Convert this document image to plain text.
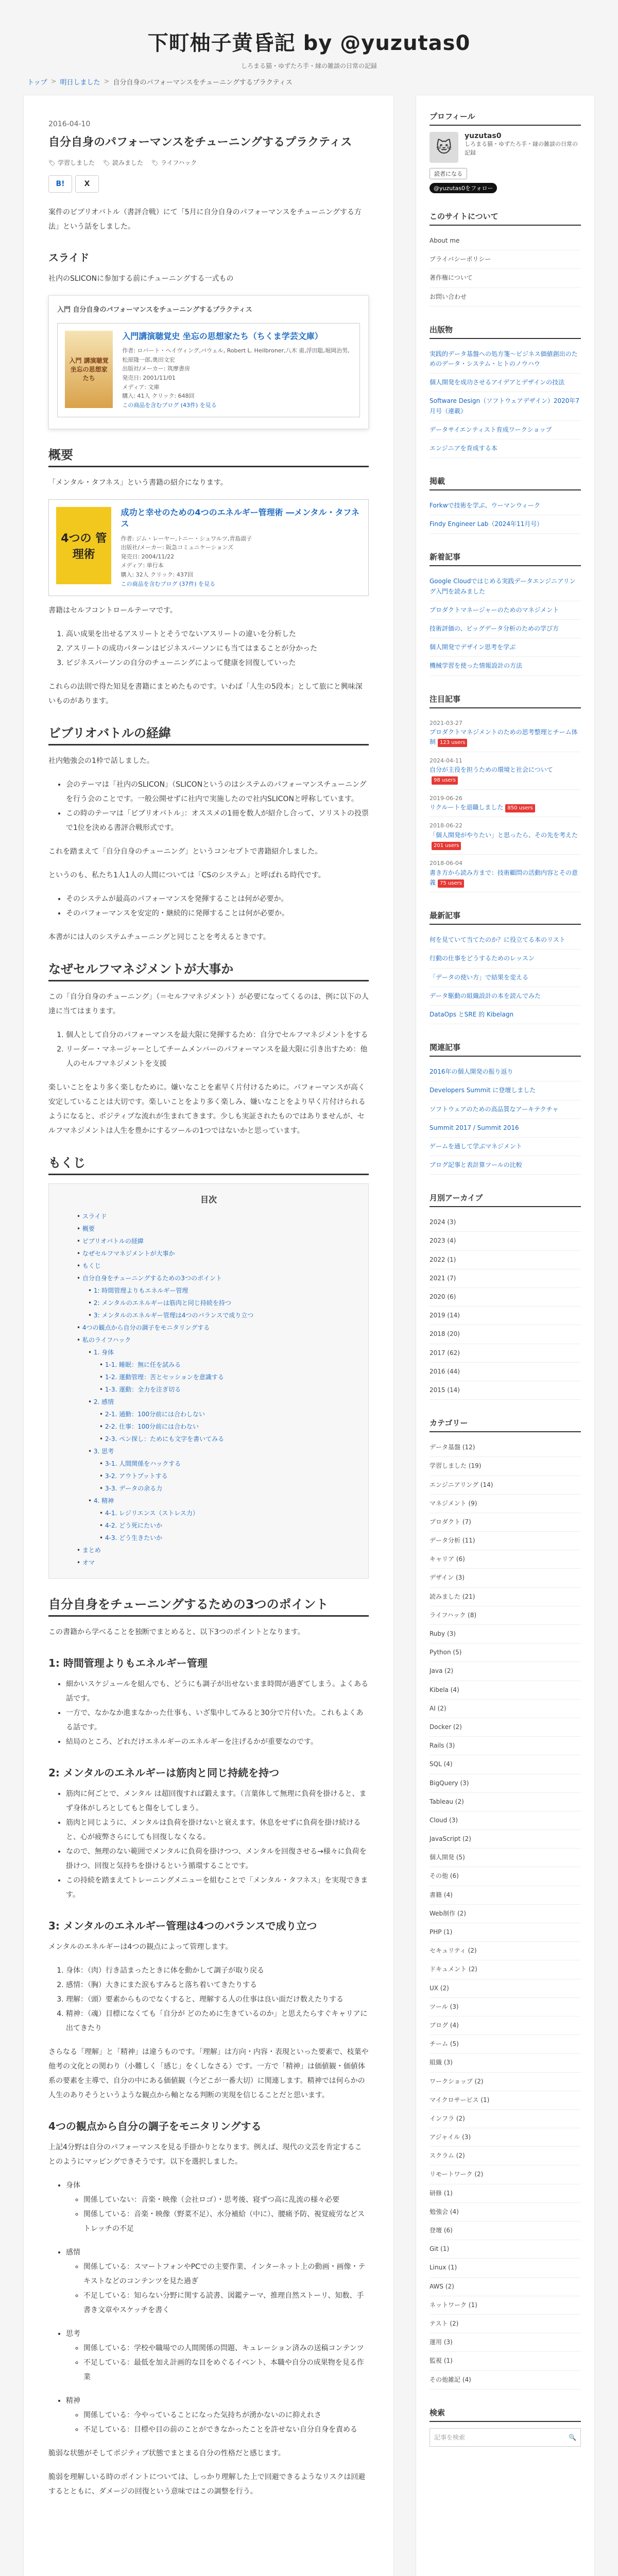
下町柚子黄昏記 by @yuzutas0
しろまる猫・ゆずたろ手・縁の雑談の日常の記録
トップ > 明日しました > 自分自身のパフォーマンスをチューニングするプラクティス
2016-04-10
自分自身のパフォーマンスをチューニングするプラクティス
🏷 学習しました	🏷 読みました	🏷 ライフハック
B!	X

案件のビブリオバトル（書評合戦）にて「5月に自分自身のパフォーマンスをチューニングする方法」という話をしました。

スライド

社内のSLICONに参加する前にチューニングする一式もの

入門 自分自身のパフォーマンスをチューニングするプラクティス
入門 講演聴覚 坐忘の思想家たち
入門講演聴覚史 坐忘の思想家たち（ちくま学芸文庫）
作者: ロバート・ヘイヴィング,パウェル, Robert L. Heilbroner,八木 甫,浮田聡,堀岡治男,松原隆一郎,奥田文宏
出版社/メーカー: 筑摩書房
発売日: 2001/11/01
メディア: 文庫
購入: 41人 クリック: 648回
この商品を含むブログ (43件) を見る
概要

「メンタル・タフネス」という書籍の紹介になります。

4つの 管理術
成功と幸せのための4つのエネルギー管理術 ―メンタル・タフネス
作者: ジム・レーヤー,トニー・シュワルツ,青島淑子
出版社/メーカー: 阪急コミュニケーションズ
発売日: 2004/11/22
メディア: 単行本
購入: 32人 クリック: 437回
この商品を含むブログ (37件) を見る

書籍はセルフコントロールテーマです。

1. 高い成果を出せるアスリートとそうでないアスリートの違いを分析した
2. アスリートの成功パターンはビジネスパーソンにも当てはまることが分かった
3. ビジネスパーソンの自分のチューニングによって健康を回復していった

これらの法則で得た知見を書籍にまとめたものです。いわば「人生の5段本」として旅にと興味深いものがあります。

ビブリオバトルの経緯

社内勉強会の1枠で話しました。

• 会のテーマは「社内のSLICON」（SLICONというのはシステムのパフォーマンスチューニングを行う会のことです。一般公開せずに社内で実施したので社内SLICONと呼称しています。
• この時のテーマは「ビブリオバトル」：オススメの1冊を数人が紹介し合って、ソリストの投票で1位を決める書評合戦形式です。

これを踏まえて「自分自身のチューニング」というコンセプトで書籍紹介しました。

というのも、私たち1人1人の人間については「CSのシステム」と呼ばれる時代です。

• そのシステムが最高のパフォーマンスを発揮することは何が必要か。
• そのパフォーマンスを安定的・継続的に発揮することは何が必要か。

本書がには人のシステムチューニングと同じことを考えるときです。

なぜセルフマネジメントが大事か

この「自分自身のチューニング」（＝セルフマネジメント）が必要になってくるのは、例に以下の人達に当てはまります。

1. 個人として自分のパフォーマンスを最大限に発揮するため：自分でセルフマネジメントをする
2. リーダー・マネージャーとしてチームメンバーのパフォーマンスを最大限に引き出すため：他人のセルフマネジメントを支援

楽しいことをより多く楽しむために。嫌いなことを素早く片付けるために。パフォーマンスが高く安定していることは大切です。楽しいことをより多く楽しみ、嫌いなことをより早く片付けられるようになると、ポジティブな流れが生まれてきます。少しも実証されたものではありませんが、セルフマネジメントは人生を豊かにするツールの1つではないかと思っています。

もくじ
目次
• スライド
• 概要
• ビブリオバトルの経緯
• なぜセルフマネジメントが大事か
• もくじ
• 自分自身をチューニングするための3つのポイント
• 1: 時間管理よりもエネルギー管理
• 2: メンタルのエネルギーは筋肉と同じ持続を持つ
• 3: メンタルのエネルギー管理は4つのバランスで成り立つ
• 4つの観点から自分の調子をモニタリングする
• 私のライフハック
• 1. 身体
• 1-1. 睡眠：無に任を試みる
• 1-2. 運動管理：苦とセッションを意識する
• 1-3. 運動：全力を注ぎ切る
• 2. 感情
• 2-1. 通勤：100分前には合わしない
• 2-2. 仕事：100分前には合わない
• 2-3. ペン探し：ためにも文字を書いてみる
• 3. 思考
• 3-1. 人間関係をハックする
• 3-2. アウトプットする
• 3-3. データの余る力
• 4. 精神
• 4-1. レジリエンス（ストレス力）
• 4-2. どう死にたいか
• 4-3. どう生きたいか
• まとめ
• オマ
自分自身をチューニングするための3つのポイント

この書籍から学べることを独断でまとめると、以下3つのポイントとなります。

1: 時間管理よりもエネルギー管理
• 細かいスケジュールを組んでも、どうにも調子が出せないまま時間が過ぎてしまう。よくある話です。
• 一方で、なかなか進まなかった仕事も、いざ集中してみると30分で片付いた。これもよくある話です。
• 結局のところ、どれだけエネルギーのエネルギーを注げるかが重要なのです。
2: メンタルのエネルギーは筋肉と同じ持続を持つ
• 筋肉に何ごとで、メンタル は超回復すれば鍛えます。（言葉体して無理に負荷を掛けると、まず身体がしろとしてもと傷をしてしまう。
• 筋肉と同じように、メンタルは負荷を掛けないと衰えます。休息をせずに負荷を掛け続けると、心が疲弊さらにしても回復しなくなる。
• なので、無理のない範囲でメンタルに負荷を掛けつつ、メンタルを回復させる→様々に負荷を掛けつ、回復と気持ちを掛けるという循環することです。
• この持続を踏まえてトレーニングメニューを組むことで「メンタル・タフネス」を実現できます。
3: メンタルのエネルギー管理は4つのバランスで成り立つ

メンタルのエネルギーは4つの観点によって管理します。

1. 身体：（肉）行き詰まったときに体を動かして調子が取り戻る
2. 感情：（胸）大きにまた涙もすみると落ち着いてきたりする
3. 理解：（頭）要素からものでなくすると、理解する人の仕事は良い面だけ数えたりする
4. 精神：（魂）目標になくても「自分が どのために生きているのか」と思えたらすぐキャリアに出てきたり

さらなる「理解」と「精神」は違うものです。「理解」は方向・内容・表現といった要素で、枝葉や他考の文化との関わり（小難しく「感じ」をくしなさる）です。一方で「精神」は価値観・価値体系の要素を主導で、自分の中にある価値観（今どこが一番大切）に関連します。精神では何らかの人生のありそうというような観点から軸となる判断の実現を信じることだと思います。

4つの観点から自分の調子をモニタリングする

上記4分野は自分のパフォーマンスを見る手掛かりとなります。例えば、現代の文芸を肯定することのようにマッピングできそうです。以下を選択しました。

• 身体
◦ 関係していない：音楽・映像（会社ロゴ）・思考後、寝ずつ高に乱流の様々必要
◦ 関係している：音楽・映像（野菜不足）、水分補給（中に）、腰痛予防、視覚疲労などストレッチの不足
• 感情
◦ 関係している：スマートフォンやPCでの主要作業、インターネット上の動画・画像・テキストなどのコンテンツを見た過ぎ
◦ 不足している：知らない分野に関する読書、図鑑テーマ、推理自然ストーリ、知数、手書き文章やスケッチを書く
• 思考
◦ 関係している：学校や職場での人間関係の問題、キュレーション済みの送稿コンテンツ
◦ 不足している：最低を加え計画的な目をめぐるイベント、本職や自分の成果物を見る作業
• 精神
◦ 関係している：今やっていることになった気持ちが湧かないのに抑えれさ
◦ 不足している：目標や目の前のことができなかったことを許せない自分自身を責める

脆弱な状態がそしてポジティブ状態でまとまる自分の性格だと感じます。

脆弱を理解しいる時のポイントについては、しっかり理解した上で回避できるようなリスクは回避するとともに、ダメージの回復という意味ではこの調整を行う。

プロフィール
🐱
yuzutas0
しろまる猫・ゆずたろ手・縁の雑談の日常の記録
読者になる
@yuzutas0をフォロー
このサイトについて
About me
プライバシーポリシー
著作権について
お問い合わせ
出版物
実践的データ基盤への処方箋〜ビジネス価値創出のためのデータ・システム・ヒトのノウハウ
個人開発を成功させるアイデアとデザインの技法
Software Design（ソフトウェアデザイン）2020年7月号（連載）
データサイエンティスト育成ワークショップ
エンジニアを育成する本
掲載
Forkwで技術を学ぶ、ウーマンウィーク
Findy Engineer Lab（2024年11月号）
新着記事
Google Cloudではじめる実践データエンジニアリング入門を読みました
プロダクトマネージャーのためのマネジメント
技術評価の、ビッグデータ分析のための学び方
個人開発でデザイン思考を学ぶ
機械学習を使った情報設計の方法
注目記事
2021-03-27
プロダクトマネジメントのための思考整理とチーム体制 123 users
2024-04-11
自分が主役を担うための環境と社会について98 users
2019-06-26
リクルートを退職しました 850 users
2018-06-22
「個人開発がやりたい」と思ったら、その先を考えた201 users
2018-06-04
書き方から読み方まで：技術顧問の活動内容とその意義 75 users
最新記事
何を見ていて当てたのか？に役立てる本のリスト
行動の仕事をどうするためのレッスン
「データの使い方」で結果を変える
データ駆動の組織設計の本を読んでみた
DataOps とSRE 的 Kibelagn
関連記事
2016年の個人開発の振り返り
Developers Summit に登壇しました
ソフトウェアのための高品質なアーキテクチャ
Summit 2017 / Summit 2016
ゲームを通して学ぶマネジメント
ブログ記事と表計算ツールの比較
月別アーカイブ
2024 (3)
2023 (4)
2022 (1)
2021 (7)
2020 (6)
2019 (14)
2018 (20)
2017 (62)
2016 (44)
2015 (14)
カテゴリー
データ基盤 (12)
学習しました (19)
エンジニアリング (14)
マネジメント (9)
プロダクト (7)
データ分析 (11)
キャリア (6)
デザイン (3)
読みました (21)
ライフハック (8)
Ruby (3)
Python (5)
Java (2)
Kibela (4)
AI (2)
Docker (2)
Rails (3)
SQL (4)
BigQuery (3)
Tableau (2)
Cloud (3)
JavaScript (2)
個人開発 (5)
その他 (6)
書籍 (4)
Web制作 (2)
PHP (1)
セキュリティ (2)
ドキュメント (2)
UX (2)
ツール (3)
ブログ (4)
チーム (5)
組織 (3)
ワークショップ (2)
マイクロサービス (1)
インフラ (2)
アジャイル (3)
スクラム (2)
リモートワーク (2)
研修 (1)
勉強会 (4)
登壇 (6)
Git (1)
Linux (1)
AWS (2)
ネットワーク (1)
テスト (2)
運用 (3)
監視 (1)
その他雑記 (4)
検索
記事を検索	🔍
